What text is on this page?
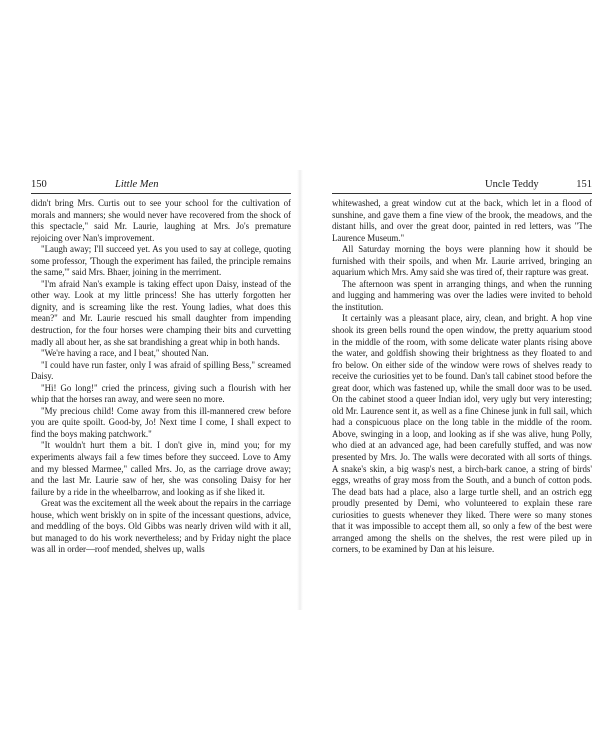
150	Little Men

didn't bring Mrs. Curtis out to see your school for the cultivation of morals and manners; she would never have recovered from the shock of this spectacle," said Mr. Laurie, laughing at Mrs. Jo's premature rejoicing over Nan's improvement.

"Laugh away; I'll succeed yet. As you used to say at college, quoting some professor, 'Though the experiment has failed, the principle remains the same,'" said Mrs. Bhaer, joining in the merriment.

"I'm afraid Nan's example is taking effect upon Daisy, instead of the other way. Look at my little princess! She has utterly forgotten her dignity, and is screaming like the rest. Young ladies, what does this mean?" and Mr. Laurie rescued his small daughter from impending destruction, for the four horses were champing their bits and curvetting madly all about her, as she sat brandishing a great whip in both hands.

"We're having a race, and I beat," shouted Nan.

"I could have run faster, only I was afraid of spilling Bess," screamed Daisy.

"Hi! Go long!" cried the princess, giving such a flourish with her whip that the horses ran away, and were seen no more.

"My precious child! Come away from this ill-mannered crew before you are quite spoilt. Good-by, Jo! Next time I come, I shall expect to find the boys making patchwork."

"It wouldn't hurt them a bit. I don't give in, mind you; for my experiments always fail a few times before they succeed. Love to Amy and my blessed Marmee," called Mrs. Jo, as the carriage drove away; and the last Mr. Laurie saw of her, she was consoling Daisy for her failure by a ride in the wheelbarrow, and looking as if she liked it.

Great was the excitement all the week about the repairs in the carriage house, which went briskly on in spite of the incessant questions, advice, and meddling of the boys. Old Gibbs was nearly driven wild with it all, but managed to do his work nevertheless; and by Friday night the place was all in order—roof mended, shelves up, walls

Uncle Teddy	151

whitewashed, a great window cut at the back, which let in a flood of sunshine, and gave them a fine view of the brook, the meadows, and the distant hills, and over the great door, painted in red letters, was "The Laurence Museum."

All Saturday morning the boys were planning how it should be furnished with their spoils, and when Mr. Laurie arrived, bringing an aquarium which Mrs. Amy said she was tired of, their rapture was great.

The afternoon was spent in arranging things, and when the running and lugging and hammering was over the ladies were invited to behold the institution.

It certainly was a pleasant place, airy, clean, and bright. A hop vine shook its green bells round the open window, the pretty aquarium stood in the middle of the room, with some delicate water plants rising above the water, and goldfish showing their brightness as they floated to and fro below. On either side of the window were rows of shelves ready to receive the curiosities yet to be found. Dan's tall cabinet stood before the great door, which was fastened up, while the small door was to be used. On the cabinet stood a queer Indian idol, very ugly but very interesting; old Mr. Laurence sent it, as well as a fine Chinese junk in full sail, which had a conspicuous place on the long table in the middle of the room. Above, swinging in a loop, and looking as if she was alive, hung Polly, who died at an advanced age, had been carefully stuffed, and was now presented by Mrs. Jo. The walls were decorated with all sorts of things. A snake's skin, a big wasp's nest, a birch-bark canoe, a string of birds' eggs, wreaths of gray moss from the South, and a bunch of cotton pods. The dead bats had a place, also a large turtle shell, and an ostrich egg proudly presented by Demi, who volunteered to explain these rare curiosities to guests whenever they liked. There were so many stones that it was impossible to accept them all, so only a few of the best were arranged among the shells on the shelves, the rest were piled up in corners, to be examined by Dan at his leisure.
